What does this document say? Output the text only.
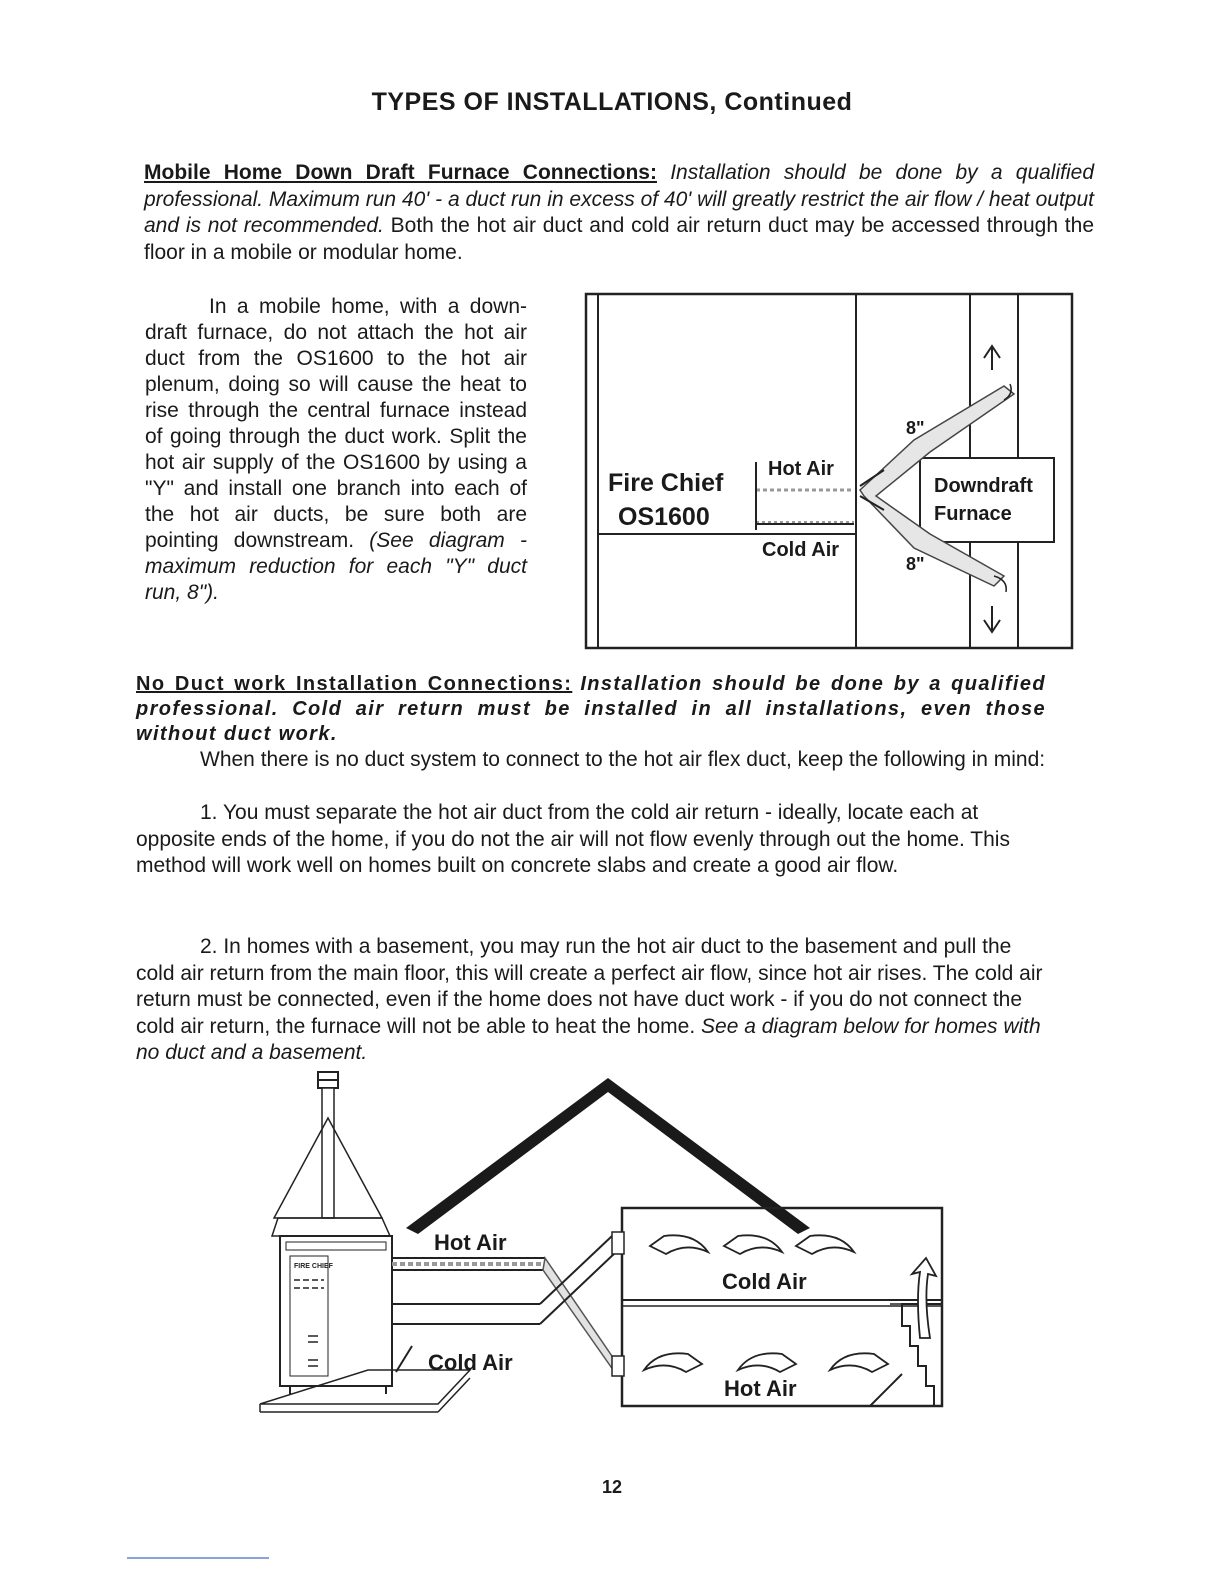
TYPES OF INSTALLATIONS, Continued
Mobile Home Down Draft Furnace Connections: Installation should be done by a qualified professional. Maximum run 40' - a duct run in excess of 40' will greatly restrict the air flow / heat output and is not recommended. Both the hot air duct and cold air return duct may be accessed through the floor in a mobile or modular home.
In a mobile home, with a down-draft furnace, do not attach the hot air duct from the OS1600 to the hot air plenum, doing so will cause the heat to rise through the central furnace instead of going through the duct work. Split the hot air supply of the OS1600 by using a "Y" and install one branch into each of the hot air ducts, be sure both are pointing downstream. (See diagram - maximum reduction for each "Y" duct run, 8").
Fire Chief
OS1600
Hot Air
Cold Air
Downdraft
Furnace
8"
8"
No Duct work Installation Connections: Installation should be done by a qualified professional. Cold air return must be installed in all installations, even those without duct work.
When there is no duct system to connect to the hot air flex duct, keep the following in mind:
1. You must separate the hot air duct from the cold air return - ideally, locate each at opposite ends of the home, if you do not the air will not flow evenly through out the home. This method will work well on homes built on concrete slabs and create a good air flow.
2. In homes with a basement, you may run the hot air duct to the basement and pull the cold air return from the main floor, this will create a perfect air flow, since hot air rises. The cold air return must be connected, even if the home does not have duct work - if you do not connect the cold air return, the furnace will not be able to heat the home. See a diagram below for homes with no duct and a basement.
FIRE CHIEF
Hot Air
Cold Air
Cold Air
Hot Air
12
